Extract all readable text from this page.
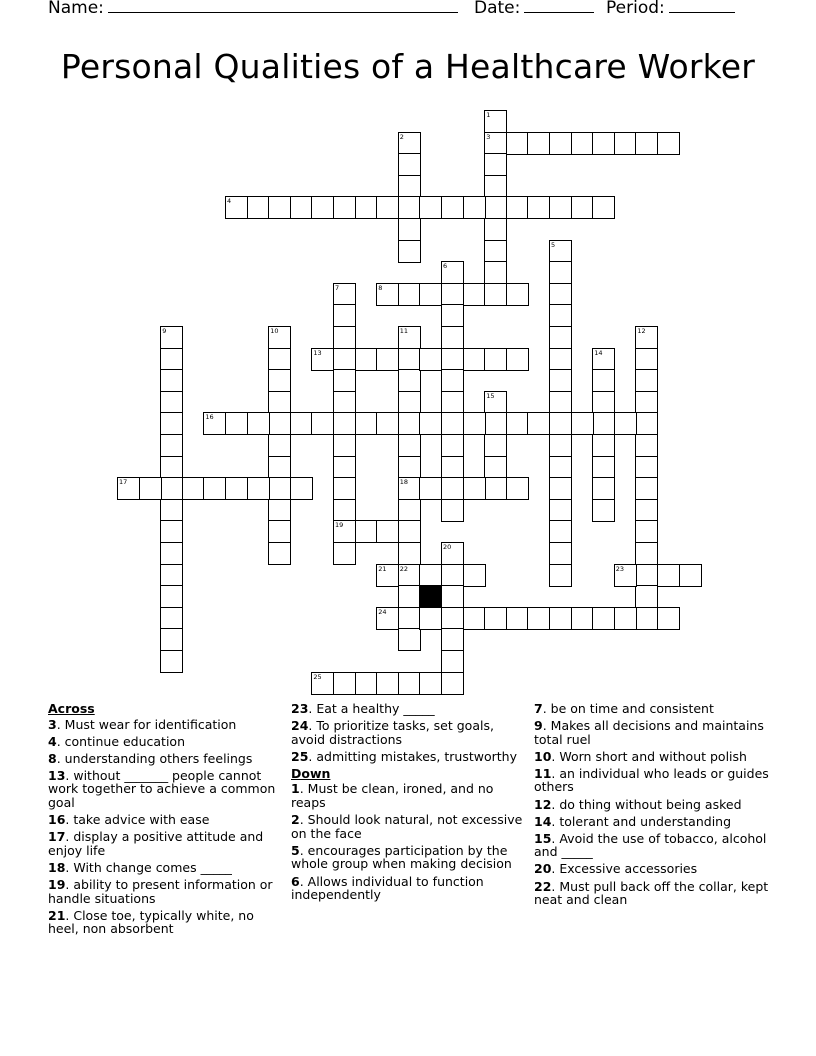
Name:	Date:	Period:
Personal Qualities of a Healthcare Worker
1
2	3
4
5
6
7	8
9	10	11	12
13	14
15
16
17	18
19
20
21 22	23
24
25
Across
3. Must wear for identification
4. continue education
8. understanding others feelings
13. without _______ people cannot work together to achieve a common goal
16. take advice with ease
17. display a positive attitude and enjoy life
18. With change comes _____
19. ability to present information or handle situations
21. Close toe, typically white, no heel, non absorbent
23. Eat a healthy _____
24. To prioritize tasks, set goals, avoid distractions
25. admitting mistakes, trustworthy
Down
1. Must be clean, ironed, and no reaps
2. Should look natural, not excessive on the face
5. encourages participation by the whole group when making decision
6. Allows individual to function independently
7. be on time and consistent
9. Makes all decisions and maintains total ruel
10. Worn short and without polish
11. an individual who leads or guides others
12. do thing without being asked
14. tolerant and understanding
15. Avoid the use of tobacco, alcohol and _____
20. Excessive accessories
22. Must pull back off the collar, kept neat and clean
